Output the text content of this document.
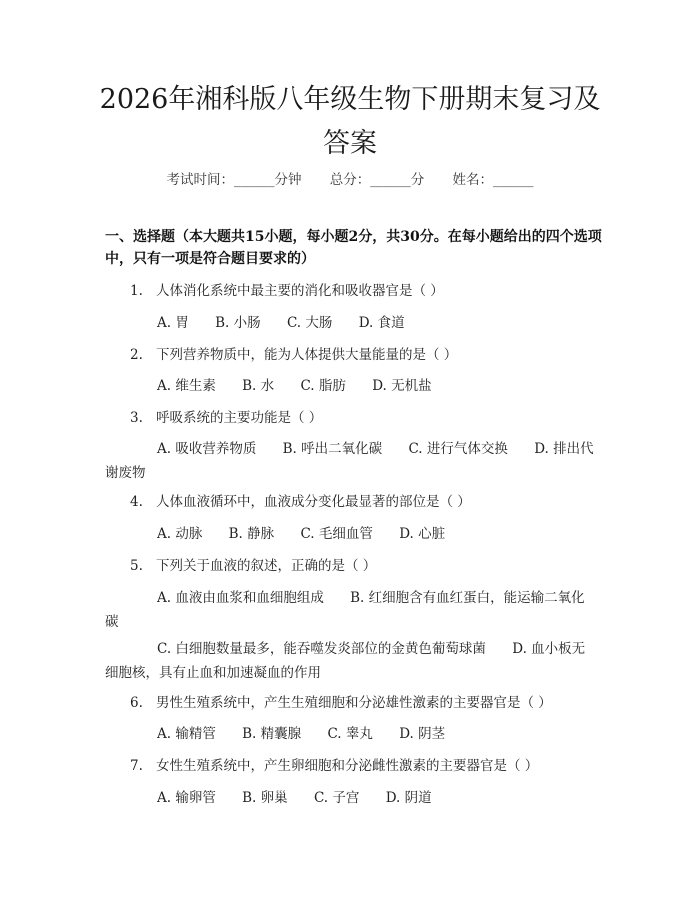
2026年湘科版八年级生物下册期末复习及答案
考试时间：______分钟 总分：______分 姓名：______
一、选择题（本大题共15小题，每小题2分，共30分。在每小题给出的四个选项中，只有一项是符合题目要求的）
1. 人体消化系统中最主要的消化和吸收器官是（ ）
A. 胃 B. 小肠 C. 大肠 D. 食道
2. 下列营养物质中，能为人体提供大量能量的是（ ）
A. 维生素 B. 水 C. 脂肪 D. 无机盐
3. 呼吸系统的主要功能是（ ）
A. 吸收营养物质 B. 呼出二氧化碳 C. 进行气体交换 D. 排出代谢废物
4. 人体血液循环中，血液成分变化最显著的部位是（ ）
A. 动脉 B. 静脉 C. 毛细血管 D. 心脏
5. 下列关于血液的叙述，正确的是（ ）
A. 血液由血浆和血细胞组成 B. 红细胞含有血红蛋白，能运输二氧化碳
C. 白细胞数量最多，能吞噬发炎部位的金黄色葡萄球菌 D. 血小板无细胞核，具有止血和加速凝血的作用
6. 男性生殖系统中，产生生殖细胞和分泌雄性激素的主要器官是（ ）
A. 输精管 B. 精囊腺 C. 睾丸 D. 阴茎
7. 女性生殖系统中，产生卵细胞和分泌雌性激素的主要器官是（ ）
A. 输卵管 B. 卵巢 C. 子宫 D. 阴道
